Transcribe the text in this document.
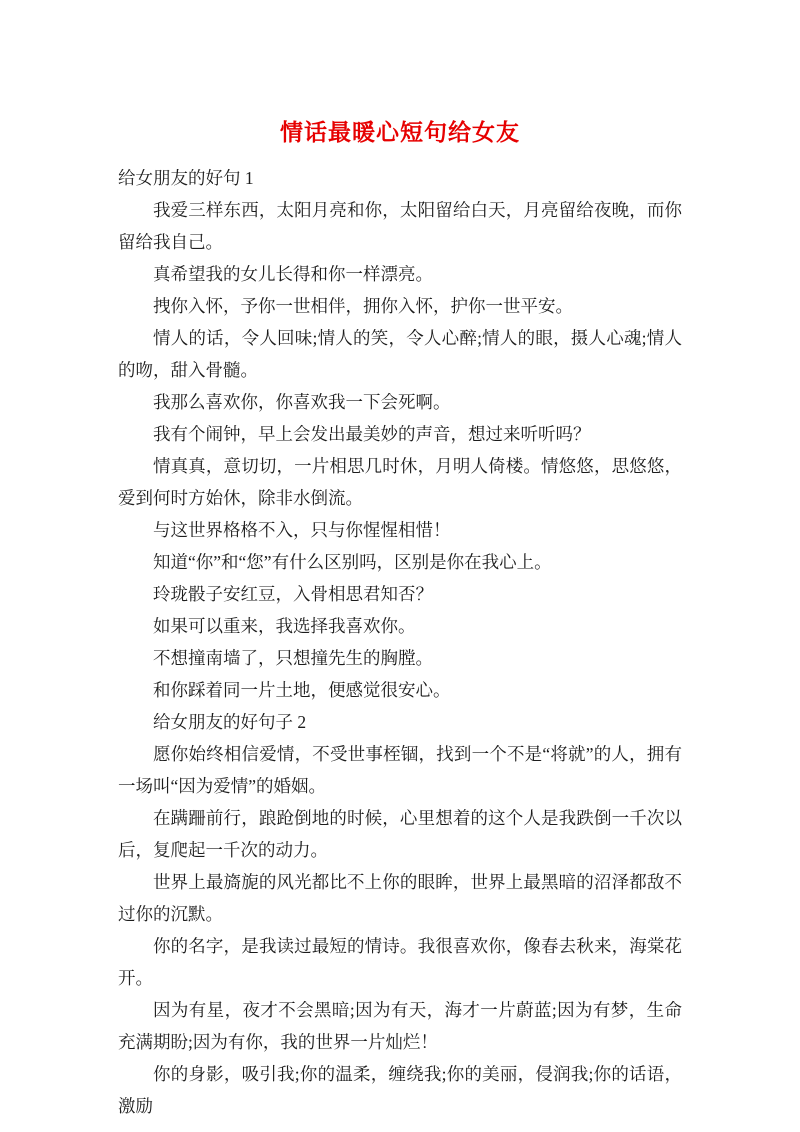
情话最暖心短句给女友

给女朋友的好句 1

我爱三样东西，太阳月亮和你，太阳留给白天，月亮留给夜晚，而你留给我自己。

真希望我的女儿长得和你一样漂亮。

拽你入怀，予你一世相伴，拥你入怀，护你一世平安。

情人的话，令人回味;情人的笑，令人心醉;情人的眼，摄人心魂;情人的吻，甜入骨髓。

我那么喜欢你，你喜欢我一下会死啊。

我有个闹钟，早上会发出最美妙的声音，想过来听听吗？

情真真，意切切，一片相思几时休，月明人倚楼。情悠悠，思悠悠，爱到何时方始休，除非水倒流。

与这世界格格不入，只与你惺惺相惜！

知道“你”和“您”有什么区别吗，区别是你在我心上。

玲珑骰子安红豆，入骨相思君知否？

如果可以重来，我选择我喜欢你。

不想撞南墙了，只想撞先生的胸膛。

和你踩着同一片土地，便感觉很安心。

给女朋友的好句子 2

愿你始终相信爱情，不受世事桎锢，找到一个不是“将就”的人，拥有一场叫“因为爱情”的婚姻。

在蹒跚前行，踉跄倒地的时候，心里想着的这个人是我跌倒一千次以后，复爬起一千次的动力。

世界上最旖旎的风光都比不上你的眼眸，世界上最黑暗的沼泽都敌不过你的沉默。

你的名字，是我读过最短的情诗。我很喜欢你，像春去秋来，海棠花开。

因为有星，夜才不会黑暗;因为有天，海才一片蔚蓝;因为有梦，生命充满期盼;因为有你，我的世界一片灿烂！

你的身影，吸引我;你的温柔，缠绕我;你的美丽，侵润我;你的话语，激励
